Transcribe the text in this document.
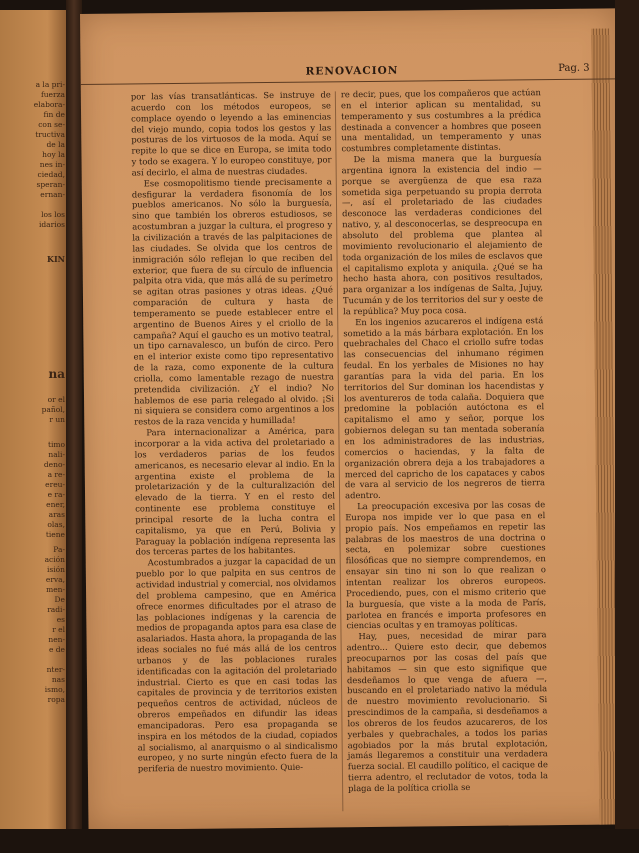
a la pri-
fuerza
elabora-
fin de
con se-
tructiva
de la
hoy la
nes in-
ciedad,
speran-
ernan-
los los
idarios
KIN
na
or el
pañol,
r un
timo
nali-
deno-
a re-
ereu-
e ra-
ener,
aras
olas,
tiene
Pa-
ación
isión
erva,
men-
De
radi-
es
r el
nen-
e de
nter-
nas
ismo,
ropa
RENOVACION	Pag. 3

por las vías transatlánticas. Se instruye de acuerdo con los métodos europeos, se complace oyendo o leyendo a las eminencias del viejo mundo, copia todos los gestos y las posturas de los virtuosos de la moda. Aquí se repite lo que se dice en Europa, se imita todo y todo se exagera. Y lo europeo constituye, por así decirlo, el alma de nuestras ciudades.

Ese cosmopolitismo tiende precisamente a desfigurar la verdadera fisonomía de los pueblos americanos. No sólo la burguesía, sino que también los obreros estudiosos, se acostumbran a juzgar la cultura, el progreso y la civilización a través de las palpitaciones de las ciudades. Se olvida que los centros de inmigración sólo reflejan lo que reciben del exterior, que fuera de su círculo de influencia palpita otra vida, que más allá de su perímetro se agitan otras pasiones y otras ideas. ¿Qué comparación de cultura y hasta de temperamento se puede establecer entre el argentino de Buenos Aires y el criollo de la campaña? Aquí el gaucho es un motivo teatral, un tipo carnavalesco, un bufón de circo. Pero en el interior existe como tipo representativo de la raza, como exponente de la cultura criolla, como lamentable rezago de nuestra pretendida civilización. ¿Y el indio? No hablemos de ese paria relegado al olvido. ¡Si ni siquiera se considera como argentinos a los restos de la raza vencida y humillada!

Para internacionalizar a América, para incorporar a la vida activa del proletariado a los verdaderos parias de los feudos americanos, es necesario elevar al indio. En la argentina existe el problema de la proletarización y de la culturalización del elevado de la tierra. Y en el resto del continente ese problema constituye el principal resorte de la lucha contra el capitalismo, ya que en Perú, Bolivia y Paraguay la población indígena representa las dos terceras partes de los habitantes.

Acostumbrados a juzgar la capacidad de un pueblo por lo que palpita en sus centros de actividad industrial y comercial, nos olvidamos del problema campesino, que en América ofrece enormes dificultades por el atraso de las poblaciones indígenas y la carencia de medios de propaganda aptos para esa clase de asalariados. Hasta ahora, la propaganda de las ideas sociales no fué más allá de los centros urbanos y de las poblaciones rurales identificadas con la agitación del proletariado industrial. Cierto es que en casi todas las capitales de provincia y de territorios existen pequeños centros de actividad, núcleos de obreros empeñados en difundir las ideas emancipadoras. Pero esa propaganda se inspira en los métodos de la ciudad, copiados al socialismo, al anarquismo o al sindicalismo europeo, y no surte ningún efecto fuera de la periferia de nuestro movimiento. Quie-

re decir, pues, que los compañeros que actúan en el interior aplican su mentalidad, su temperamento y sus costumbres a la prédica destinada a convencer a hombres que poseen una mentalidad, un temperamento y unas costumbres completamente distintas.

De la misma manera que la burguesía argentina ignora la existencia del indio — porque se avergüenza de que esa raza sometida siga perpetuando su propia derrota —, así el proletariado de las ciudades desconoce las verdaderas condiciones del nativo, y, al desconocerlas, se despreocupa en absoluto del problema que plantea al movimiento revolucionario el alejamiento de toda organización de los miles de esclavos que el capitalismo explota y aniquila. ¿Qué se ha hecho hasta ahora, con positivos resultados, para organizar a los indígenas de Salta, Jujuy, Tucumán y de los territorios del sur y oeste de la república? Muy poca cosa.

En los ingenios azucareros el indígena está sometido a la más bárbara explotación. En los quebrachales del Chaco el criollo sufre todas las consecuencias del inhumano régimen feudal. En los yerbales de Misiones no hay garantías para la vida del paria. En los territorios del Sur dominan los hacendistas y los aventureros de toda calaña. Doquiera que predomine la población autóctona es el capitalismo el amo y señor, porque los gobiernos delegan su tan mentada soberanía en los administradores de las industrias, comercios o haciendas, y la falta de organización obrera deja a los trabajadores a merced del capricho de los capataces y cabos de vara al servicio de los negreros de tierra adentro.

La preocupación excesiva por las cosas de Europa nos impide ver lo que pasa en el propio país. Nos empeñamos en repetir las palabras de los maestros de una doctrina o secta, en polemizar sobre cuestiones filosóficas que no siempre comprendemos, en ensayar sin tino ni son lo que realizan o intentan realizar los obreros europeos. Procediendo, pues, con el mismo criterio que la burguesía, que viste a la moda de París, parlotea en francés e importa profesores en ciencias ocultas y en tramoyas políticas.

Hay, pues, necesidad de mirar para adentro... Quiere esto decir, que debemos preocuparnos por las cosas del país que habitamos — sin que esto signifique que desdeñamos lo que venga de afuera —, buscando en el proletariado nativo la médula de nuestro movimiento revolucionario. Si prescindimos de la campaña, si desdeñamos a los obreros de los feudos azucareros, de los yerbales y quebrachales, a todos los parias agobiados por la más brutal explotación, jamás llegaremos a constituir una verdadera fuerza social. El caudillo político, el cacique de tierra adentro, el reclutador de votos, toda la plaga de la política criolla se
